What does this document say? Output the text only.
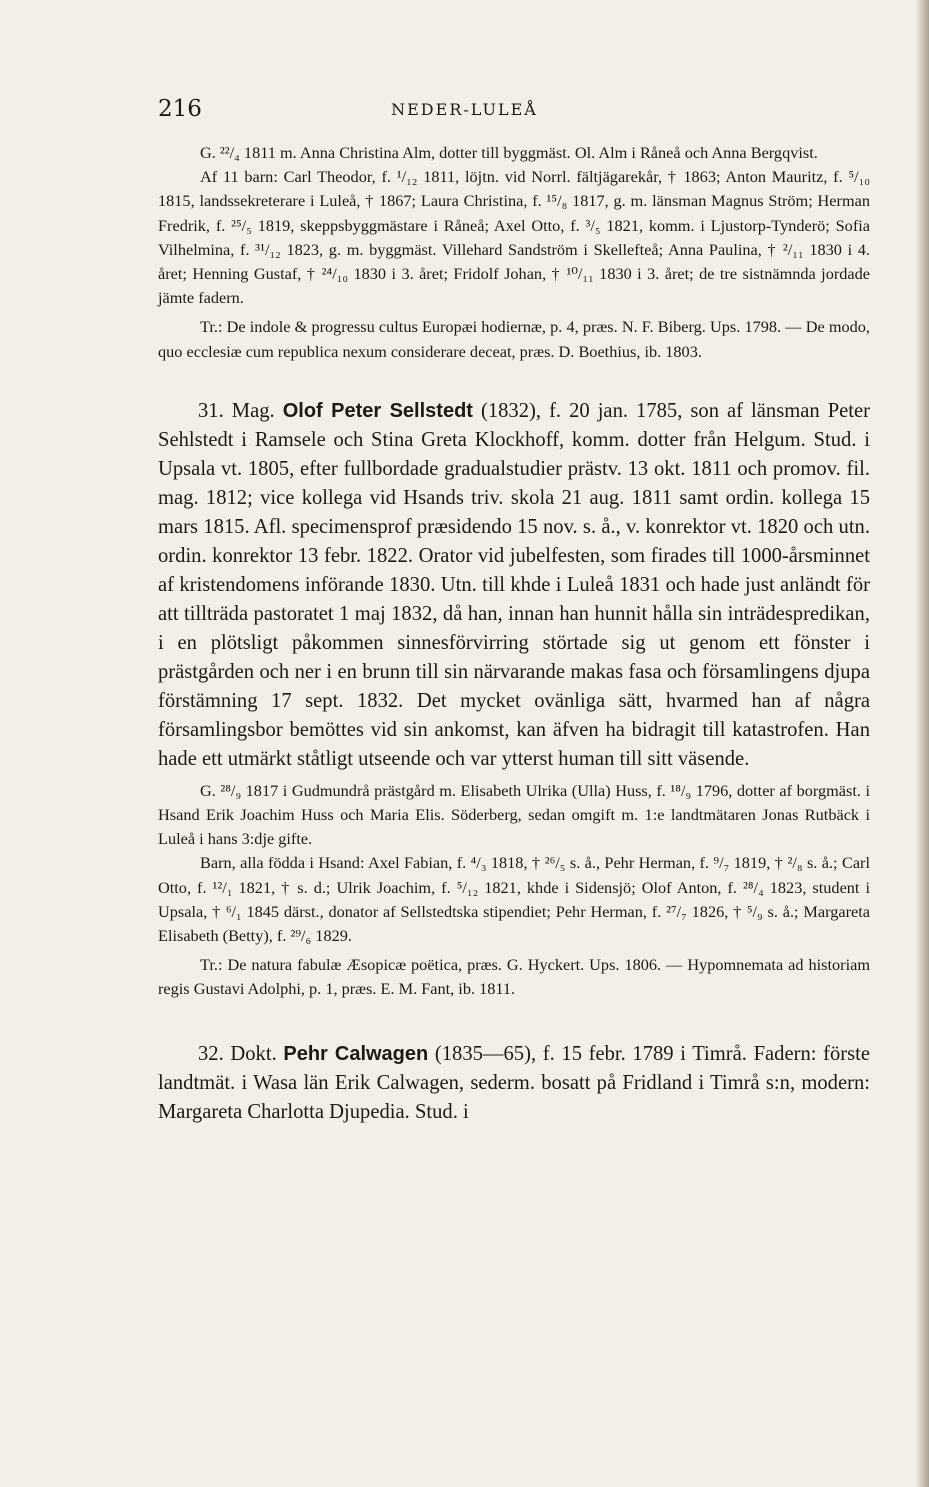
216	NEDER-LULEÅ

G. ²²/₄ 1811 m. Anna Christina Alm, dotter till byggmäst. Ol. Alm i Råneå och Anna Bergqvist.

Af 11 barn: Carl Theodor, f. ¹/₁₂ 1811, löjtn. vid Norrl. fältjägarekår, † 1863; Anton Mauritz, f. ⁵/₁₀ 1815, landssekreterare i Luleå, † 1867; Laura Christina, f. ¹⁵/₈ 1817, g. m. länsman Magnus Ström; Herman Fredrik, f. ²⁵/₅ 1819, skeppsbyggmästare i Råneå; Axel Otto, f. ³/₅ 1821, komm. i Ljustorp-Tynderö; Sofia Vilhelmina, f. ³¹/₁₂ 1823, g. m. byggmäst. Villehard Sandström i Skellefteå; Anna Paulina, † ²/₁₁ 1830 i 4. året; Henning Gustaf, † ²⁴/₁₀ 1830 i 3. året; Fridolf Johan, † ¹⁰/₁₁ 1830 i 3. året; de tre sistnämnda jordade jämte fadern.

Tr.: De indole & progressu cultus Europæi hodiernæ, p. 4, præs. N. F. Biberg. Ups. 1798. — De modo, quo ecclesiæ cum republica nexum considerare deceat, præs. D. Boethius, ib. 1803.

31. Mag. Olof Peter Sellstedt (1832), f. 20 jan. 1785, son af länsman Peter Sehlstedt i Ramsele och Stina Greta Klockhoff, komm. dotter från Helgum. Stud. i Upsala vt. 1805, efter fullbordade gradualstudier prästv. 13 okt. 1811 och promov. fil. mag. 1812; vice kollega vid Hsands triv. skola 21 aug. 1811 samt ordin. kollega 15 mars 1815. Afl. specimensprof præsidendo 15 nov. s. å., v. konrektor vt. 1820 och utn. ordin. konrektor 13 febr. 1822. Orator vid jubelfesten, som firades till 1000-årsminnet af kristendomens införande 1830. Utn. till khde i Luleå 1831 och hade just anländt för att tillträda pastoratet 1 maj 1832, då han, innan han hunnit hålla sin inträdespredikan, i en plötsligt påkommen sinnesförvirring störtade sig ut genom ett fönster i prästgården och ner i en brunn till sin närvarande makas fasa och församlingens djupa förstämning 17 sept. 1832. Det mycket ovänliga sätt, hvarmed han af några församlingsbor bemöttes vid sin ankomst, kan äfven ha bidragit till katastrofen. Han hade ett utmärkt ståtligt utseende och var ytterst human till sitt väsende.

G. ²⁸/₉ 1817 i Gudmundrå prästgård m. Elisabeth Ulrika (Ulla) Huss, f. ¹⁸/₉ 1796, dotter af borgmäst. i Hsand Erik Joachim Huss och Maria Elis. Söderberg, sedan omgift m. 1:e landtmätaren Jonas Rutbäck i Luleå i hans 3:dje gifte.

Barn, alla födda i Hsand: Axel Fabian, f. ⁴/₃ 1818, † ²⁶/₅ s. å., Pehr Herman, f. ⁹/₇ 1819, † ²/₈ s. å.; Carl Otto, f. ¹²/₁ 1821, † s. d.; Ulrik Joachim, f. ⁵/₁₂ 1821, khde i Sidensjö; Olof Anton, f. ²⁸/₄ 1823, student i Upsala, † ⁶/₁ 1845 därst., donator af Sellstedtska stipendiet; Pehr Herman, f. ²⁷/₇ 1826, † ⁵/₉ s. å.; Margareta Elisabeth (Betty), f. ²⁹/₆ 1829.

Tr.: De natura fabulæ Æsopicæ poëtica, præs. G. Hyckert. Ups. 1806. — Hypomnemata ad historiam regis Gustavi Adolphi, p. 1, præs. E. M. Fant, ib. 1811.

32. Dokt. Pehr Calwagen (1835—65), f. 15 febr. 1789 i Timrå. Fadern: förste landtmät. i Wasa län Erik Calwagen, sederm. bosatt på Fridland i Timrå s:n, modern: Margareta Charlotta Djupedia. Stud. i
